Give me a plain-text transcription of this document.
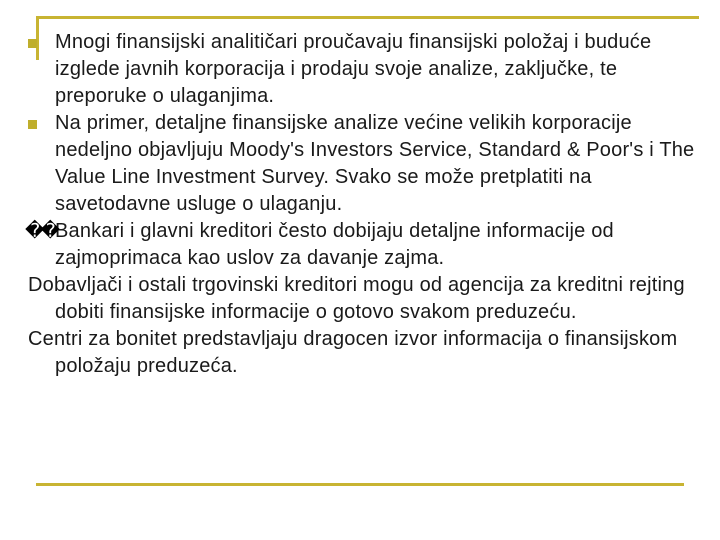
Mnogi finansijski analitičari proučavaju finansijski položaj i buduće izglede javnih korporacija i prodaju svoje analize, zaključke, te preporuke o ulaganjima.
Na primer, detaljne finansijske analize većine velikih korporacije nedeljno objavljuju Moody's Investors Service, Standard & Poor's i The Value Line Investment Survey. Svako se može pretplatiti na savetodavne usluge o ulaganju.
�� Bankari i glavni kreditori često dobijaju detaljne informacije od zajmoprimaca kao uslov za davanje zajma.
Dobavljači i ostali trgovinski kreditori mogu od agencija za kreditni rejting dobiti finansijske informacije o gotovo svakom preduzeću.
Centri za bonitet predstavljaju dragocen izvor informacija o finansijskom položaju preduzeća.
